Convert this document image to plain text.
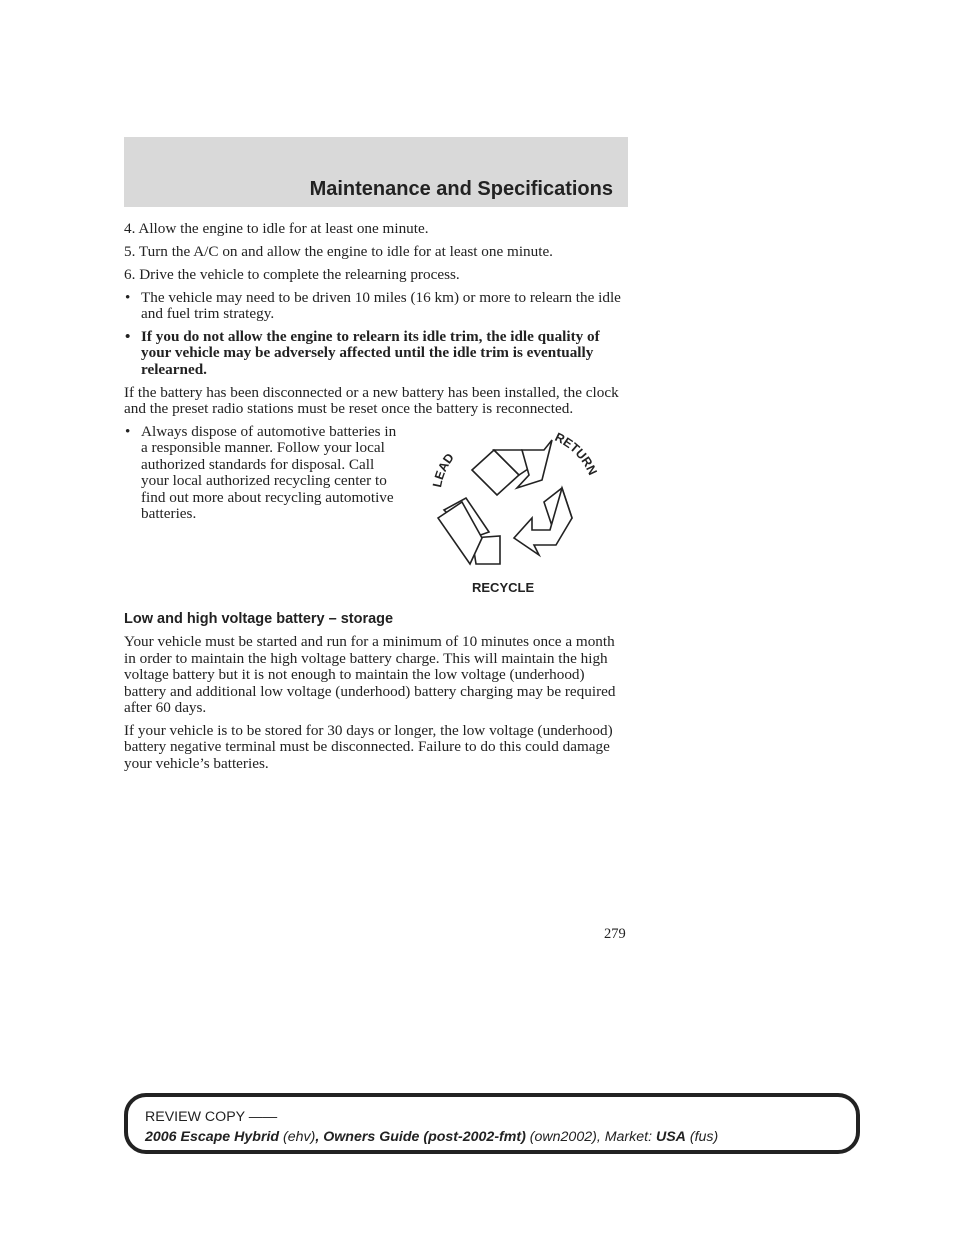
Maintenance and Specifications

4. Allow the engine to idle for at least one minute.

5. Turn the A/C on and allow the engine to idle for at least one minute.

6. Drive the vehicle to complete the relearning process.

• The vehicle may need to be driven 10 miles (16 km) or more to relearn the idle and fuel trim strategy.
• If you do not allow the engine to relearn its idle trim, the idle quality of your vehicle may be adversely affected until the idle trim is eventually relearned.

If the battery has been disconnected or a new battery has been installed, the clock and the preset radio stations must be reset once the battery is reconnected.

• Always dispose of automotive batteries in a responsible manner. Follow your local authorized standards for disposal. Call your local authorized recycling center to find out more about recycling automotive batteries.
LEAD
RETURN
RECYCLE
Low and high voltage battery – storage

Your vehicle must be started and run for a minimum of 10 minutes once a month in order to maintain the high voltage battery charge. This will maintain the high voltage battery but it is not enough to maintain the low voltage (underhood) battery and additional low voltage (underhood) battery charging may be required after 60 days.

If your vehicle is to be stored for 30 days or longer, the low voltage (underhood) battery negative terminal must be disconnected. Failure to do this could damage your vehicle’s batteries.

279
REVIEW COPY ——
2006 Escape Hybrid (ehv), Owners Guide (post-2002-fmt) (own2002), Market: USA (fus)
